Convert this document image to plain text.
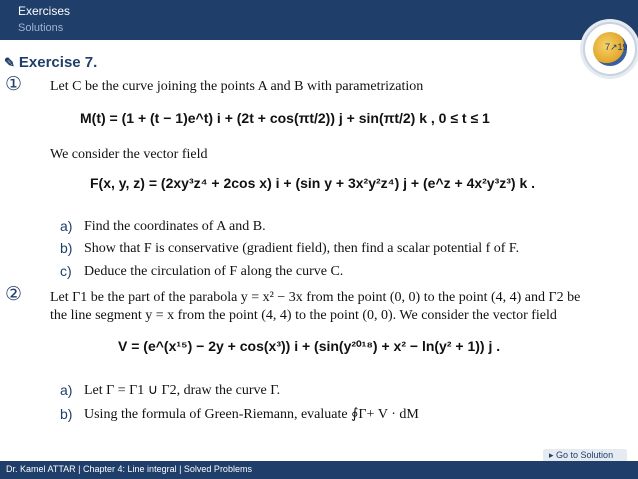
Exercises
Solutions
7↗19
✎ Exercise 7.
① Let C be the curve joining the points A and B with parametrization
M(t) = (1 + (t − 1)e^t) i + (2t + cos(πt/2)) j + sin(πt/2) k , 0 ≤ t ≤ 1
We consider the vector field
F(x, y, z) = (2xy³z⁴ + 2cos x) i + (sin y + 3x²y²z⁴) j + (e^z + 4x²y³z³) k .
a) Find the coordinates of A and B.
b) Show that F is conservative (gradient field), then find a scalar potential f of F.
c) Deduce the circulation of F along the curve C.
② Let Γ1 be the part of the parabola y = x² − 3x from the point (0, 0) to the point (4, 4) and Γ2 be
the line segment y = x from the point (4, 4) to the point (0, 0). We consider the vector field
V = (e^(x¹⁵) − 2y + cos(x³)) i + (sin(y²⁰¹⁸) + x² − ln(y² + 1)) j .
a) Let Γ = Γ1 ∪ Γ2, draw the curve Γ.
b) Using the formula of Green-Riemann, evaluate ∮Γ+ V · dM
▸ Go to Solution
Dr. Kamel ATTAR | Chapter 4: Line integral | Solved Problems
